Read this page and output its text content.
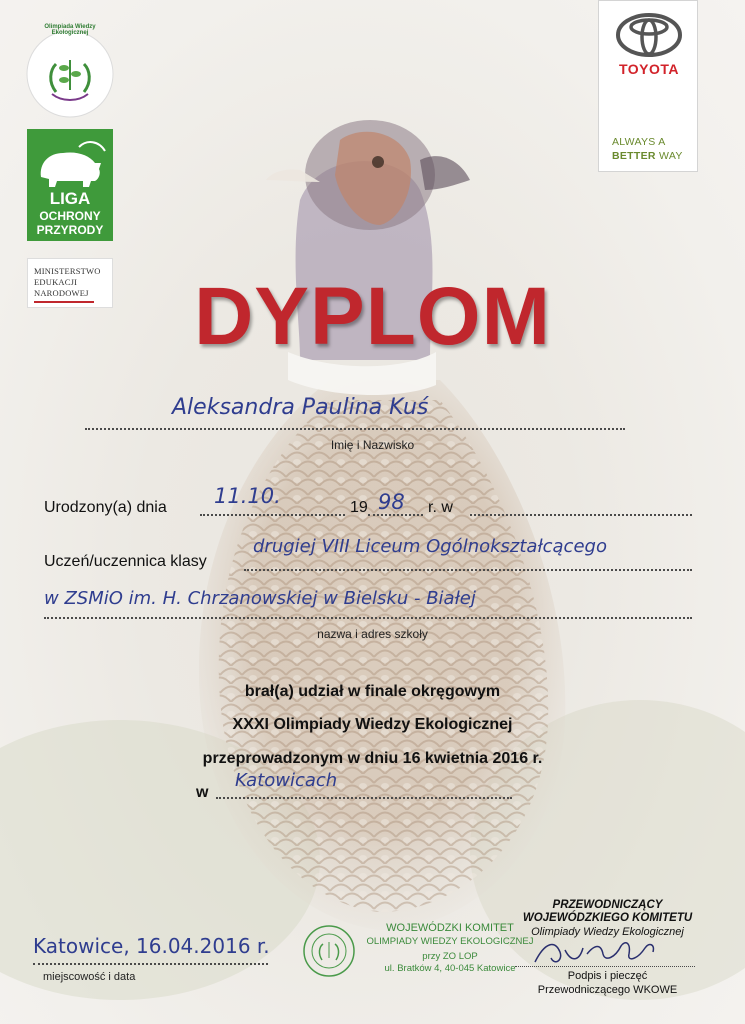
Olimpiada Wiedzy Ekologicznej
LIGA
OCHRONY
PRZYRODY
MINISTERSTWO
EDUKACJI
NARODOWEJ
TOYOTA
ALWAYS A
BETTER WAY
DYPLOM
Aleksandra Paulina Kuś
Imię i Nazwisko
Urodzony(a) dnia 11.10.	19 98 r. w
Uczeń/uczennica klasy
drugiej VIII Liceum Ogólnokształcącego
w ZSMiO im. H. Chrzanowskiej w Bielsku - Białej
nazwa i adres szkoły
brał(a) udział w finale okręgowym
XXXI Olimpiady Wiedzy Ekologicznej
przeprowadzonym w dniu 16 kwietnia 2016 r.
w
Katowicach
Katowice, 16.04.2016 r.
miejscowość i data
WOJEWÓDZKI KOMITET
OLIMPIADY WIEDZY EKOLOGICZNEJ
przy ZO LOP
ul. Bratków 4, 40-045 Katowice
PRZEWODNICZĄCY
WOJEWÓDZKIEGO KOMITETU
Olimpiady Wiedzy Ekologicznej
Podpis i pieczęć
Przewodniczącego WKOWE
